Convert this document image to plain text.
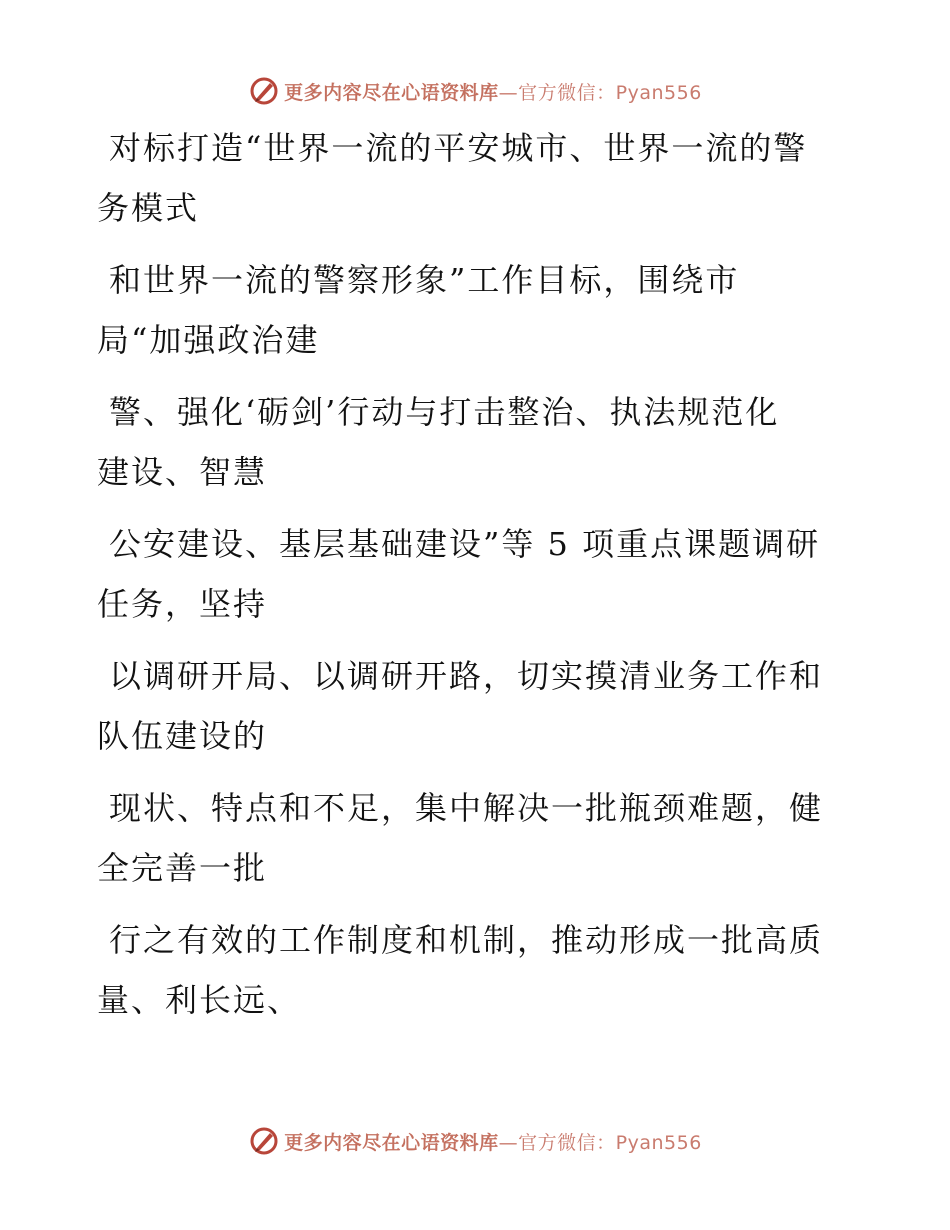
更多内容尽在心语资料库—官方微信：Pyan556

对标打造“世界一流的平安城市、世界一流的警
务模式

和世界一流的警察形象”工作目标，围绕市
局“加强政治建

警、强化‘砺剑’行动与打击整治、执法规范化
建设、智慧

公安建设、基层基础建设”等 5 项重点课题调研
任务，坚持

以调研开局、以调研开路，切实摸清业务工作和
队伍建设的

现状、特点和不足，集中解决一批瓶颈难题，健
全完善一批

行之有效的工作制度和机制，推动形成一批高质
量、利长远、

更多内容尽在心语资料库—官方微信：Pyan556
